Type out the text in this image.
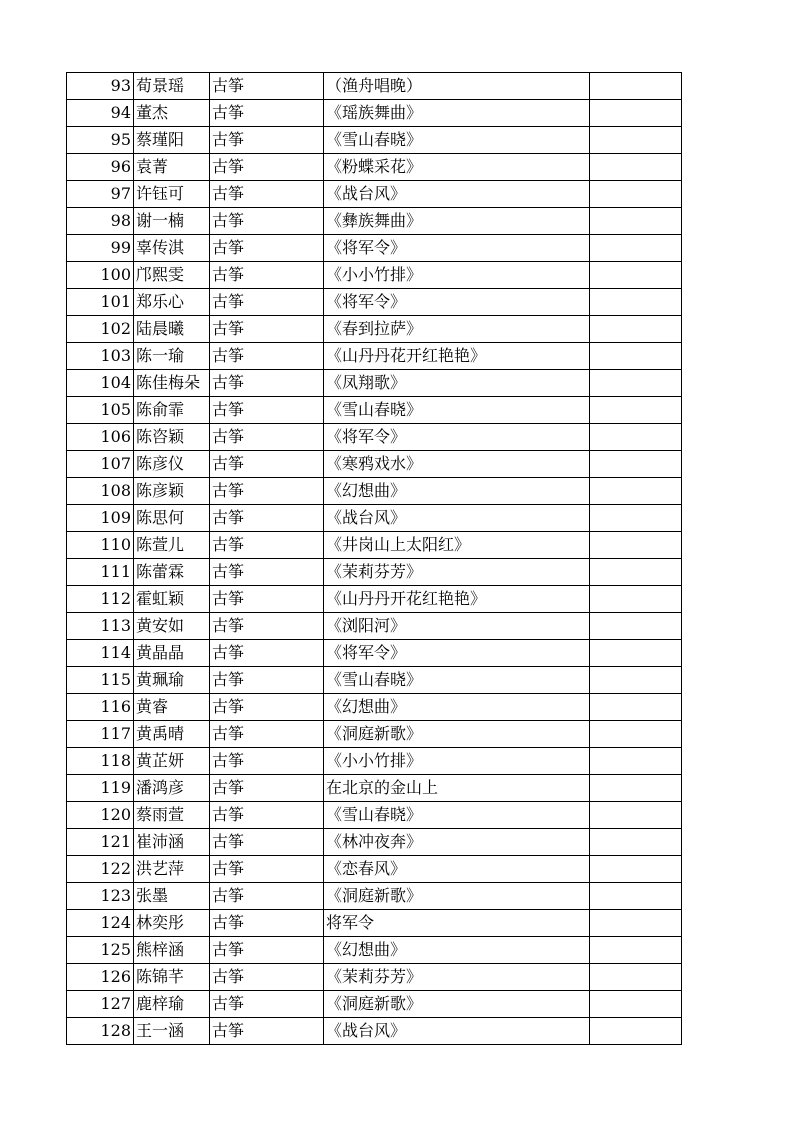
93	荀景瑶	古筝	（渔舟唱晚）	
94	董杰	古筝	《瑶族舞曲》	
95	蔡瑾阳	古筝	《雪山春晓》	
96	袁菁	古筝	《粉蝶采花》	
97	许钰可	古筝	《战台风》	
98	谢一楠	古筝	《彝族舞曲》	
99	辜传淇	古筝	《将军令》	
100	邝熙雯	古筝	《小小竹排》	
101	郑乐心	古筝	《将军令》	
102	陆晨曦	古筝	《春到拉萨》	
103	陈一瑜	古筝	《山丹丹花开红艳艳》	
104	陈佳梅朵	古筝	《凤翔歌》	
105	陈俞霏	古筝	《雪山春晓》	
106	陈咨颖	古筝	《将军令》	
107	陈彦仪	古筝	《寒鸦戏水》	
108	陈彦颖	古筝	《幻想曲》	
109	陈思何	古筝	《战台风》	
110	陈萱儿	古筝	《井岗山上太阳红》	
111	陈蕾霖	古筝	《茉莉芬芳》	
112	霍虹颖	古筝	《山丹丹开花红艳艳》	
113	黄安如	古筝	《浏阳河》	
114	黄晶晶	古筝	《将军令》	
115	黄珮瑜	古筝	《雪山春晓》	
116	黄睿	古筝	《幻想曲》	
117	黄禹晴	古筝	《洞庭新歌》	
118	黄芷妍	古筝	《小小竹排》	
119	潘鸿彦	古筝	在北京的金山上	
120	蔡雨萱	古筝	《雪山春晓》	
121	崔沛涵	古筝	《林冲夜奔》	
122	洪艺萍	古筝	《恋春风》	
123	张墨	古筝	《洞庭新歌》	
124	林奕彤	古筝	将军令	
125	熊梓涵	古筝	《幻想曲》	
126	陈锦芊	古筝	《茉莉芬芳》	
127	鹿梓瑜	古筝	《洞庭新歌》	
128	王一涵	古筝	《战台风》	
